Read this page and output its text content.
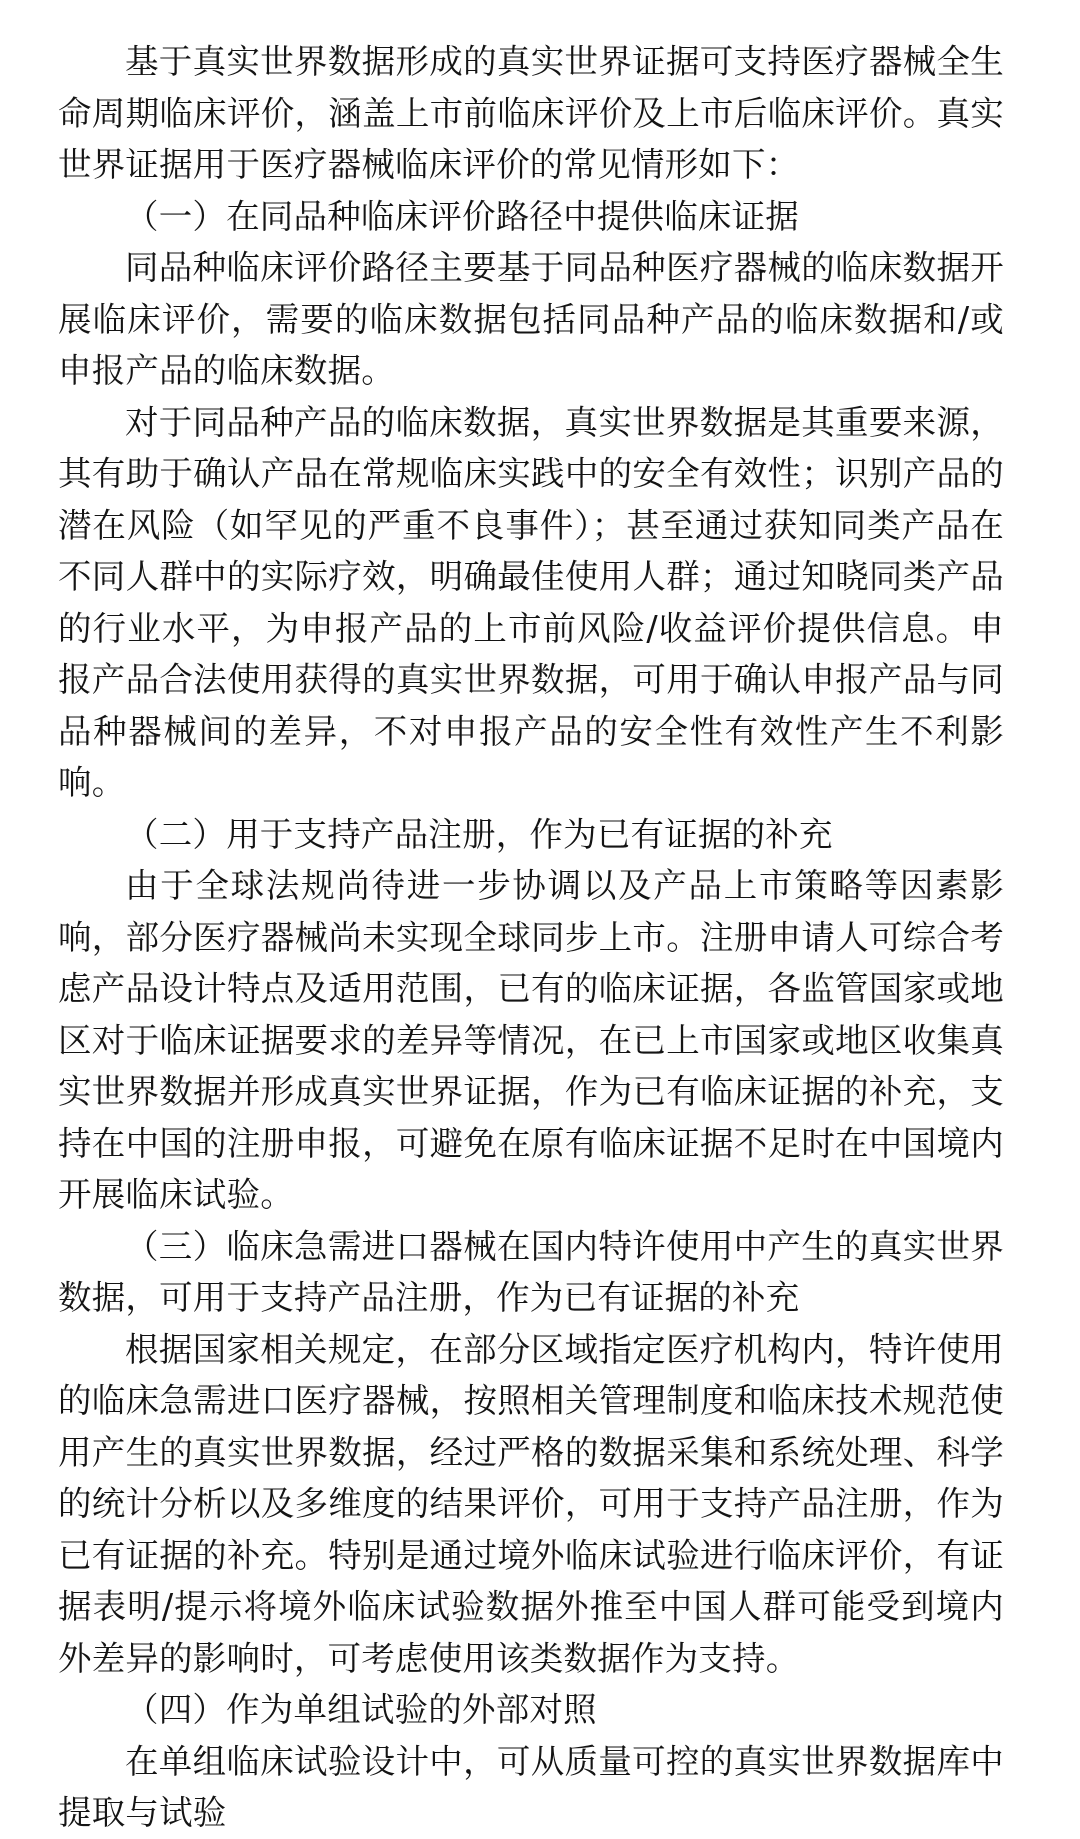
基于真实世界数据形成的真实世界证据可支持医疗器械全生命周期临床评价，涵盖上市前临床评价及上市后临床评价。真实世界证据用于医疗器械临床评价的常见情形如下：

（一）在同品种临床评价路径中提供临床证据

同品种临床评价路径主要基于同品种医疗器械的临床数据开展临床评价，需要的临床数据包括同品种产品的临床数据和/或申报产品的临床数据。

对于同品种产品的临床数据，真实世界数据是其重要来源，其有助于确认产品在常规临床实践中的安全有效性；识别产品的潜在风险（如罕见的严重不良事件）；甚至通过获知同类产品在不同人群中的实际疗效，明确最佳使用人群；通过知晓同类产品的行业水平，为申报产品的上市前风险/收益评价提供信息。申报产品合法使用获得的真实世界数据，可用于确认申报产品与同品种器械间的差异，不对申报产品的安全性有效性产生不利影响。

（二）用于支持产品注册，作为已有证据的补充

由于全球法规尚待进一步协调以及产品上市策略等因素影响，部分医疗器械尚未实现全球同步上市。注册申请人可综合考虑产品设计特点及适用范围，已有的临床证据，各监管国家或地区对于临床证据要求的差异等情况，在已上市国家或地区收集真实世界数据并形成真实世界证据，作为已有临床证据的补充，支持在中国的注册申报，可避免在原有临床证据不足时在中国境内开展临床试验。

（三）临床急需进口器械在国内特许使用中产生的真实世界数据，可用于支持产品注册，作为已有证据的补充

根据国家相关规定，在部分区域指定医疗机构内，特许使用的临床急需进口医疗器械，按照相关管理制度和临床技术规范使用产生的真实世界数据，经过严格的数据采集和系统处理、科学的统计分析以及多维度的结果评价，可用于支持产品注册，作为已有证据的补充。特别是通过境外临床试验进行临床评价，有证据表明/提示将境外临床试验数据外推至中国人群可能受到境内外差异的影响时，可考虑使用该类数据作为支持。

（四）作为单组试验的外部对照

在单组临床试验设计中，可从质量可控的真实世界数据库中提取与试验
